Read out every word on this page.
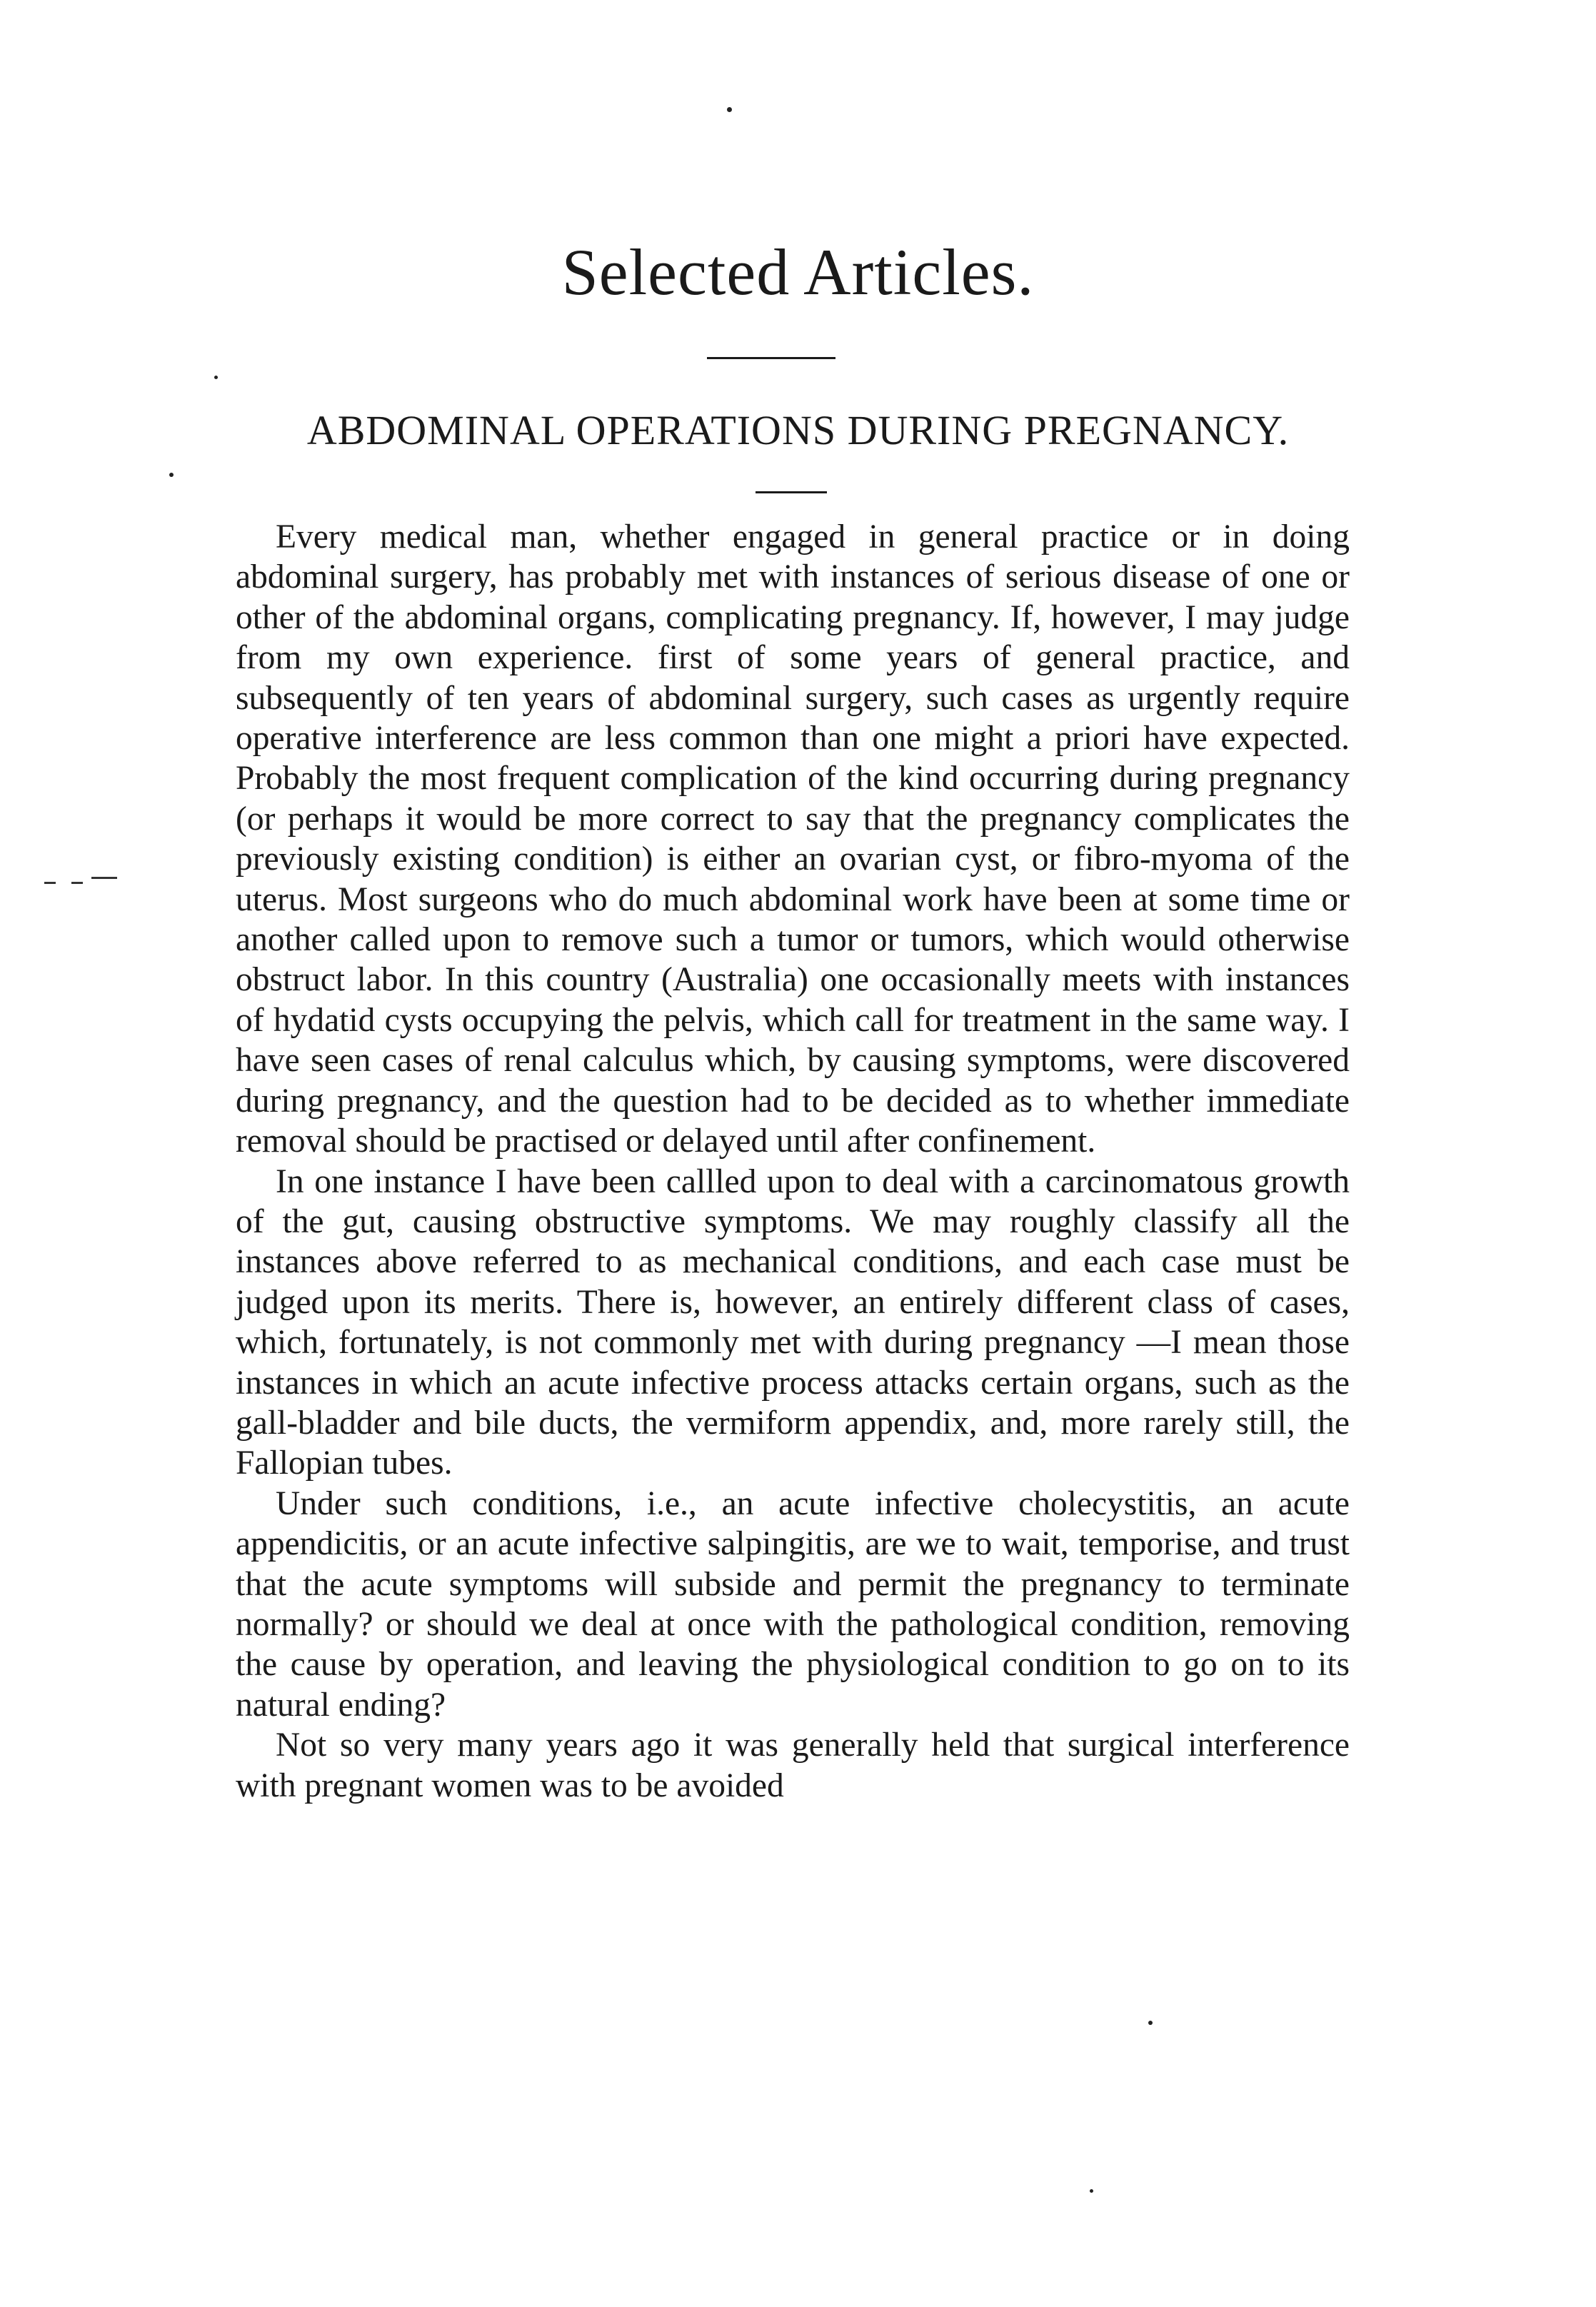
Selected Articles.
ABDOMINAL OPERATIONS DURING PREGNANCY.

Every medical man, whether engaged in general practice or in doing abdominal surgery, has probably met with instances of serious disease of one or other of the abdominal organs, complicating pregnancy. If, however, I may judge from my own experience. first of some years of general practice, and subsequently of ten years of abdominal surgery, such cases as urgently require operative interference are less common than one might a priori have expected. Probably the most frequent complication of the kind occurring during pregnancy (or perhaps it would be more correct to say that the pregnancy complicates the previously existing condition) is either an ovarian cyst, or fibro-myoma of the uterus. Most surgeons who do much abdominal work have been at some time or another called upon to remove such a tumor or tumors, which would otherwise obstruct labor. In this country (Australia) one occasionally meets with instances of hydatid cysts occupying the pelvis, which call for treatment in the same way. I have seen cases of renal calculus which, by causing symptoms, were discovered during pregnancy, and the question had to be decided as to whether immediate removal should be practised or delayed until after confinement.

In one instance I have been callled upon to deal with a carcinomatous growth of the gut, causing obstructive symptoms. We may roughly classify all the instances above referred to as mechanical conditions, and each case must be judged upon its merits. There is, however, an entirely different class of cases, which, fortunately, is not commonly met with during pregnancy —I mean those instances in which an acute infective process attacks certain organs, such as the gall-bladder and bile ducts, the vermiform appendix, and, more rarely still, the Fallopian tubes.

Under such conditions, i.e., an acute infective cholecystitis, an acute appendicitis, or an acute infective salpingitis, are we to wait, temporise, and trust that the acute symptoms will subside and permit the pregnancy to terminate normally? or should we deal at once with the pathological condition, removing the cause by operation, and leaving the physiological condition to go on to its natural ending?

Not so very many years ago it was generally held that surgical interference with pregnant women was to be avoided
